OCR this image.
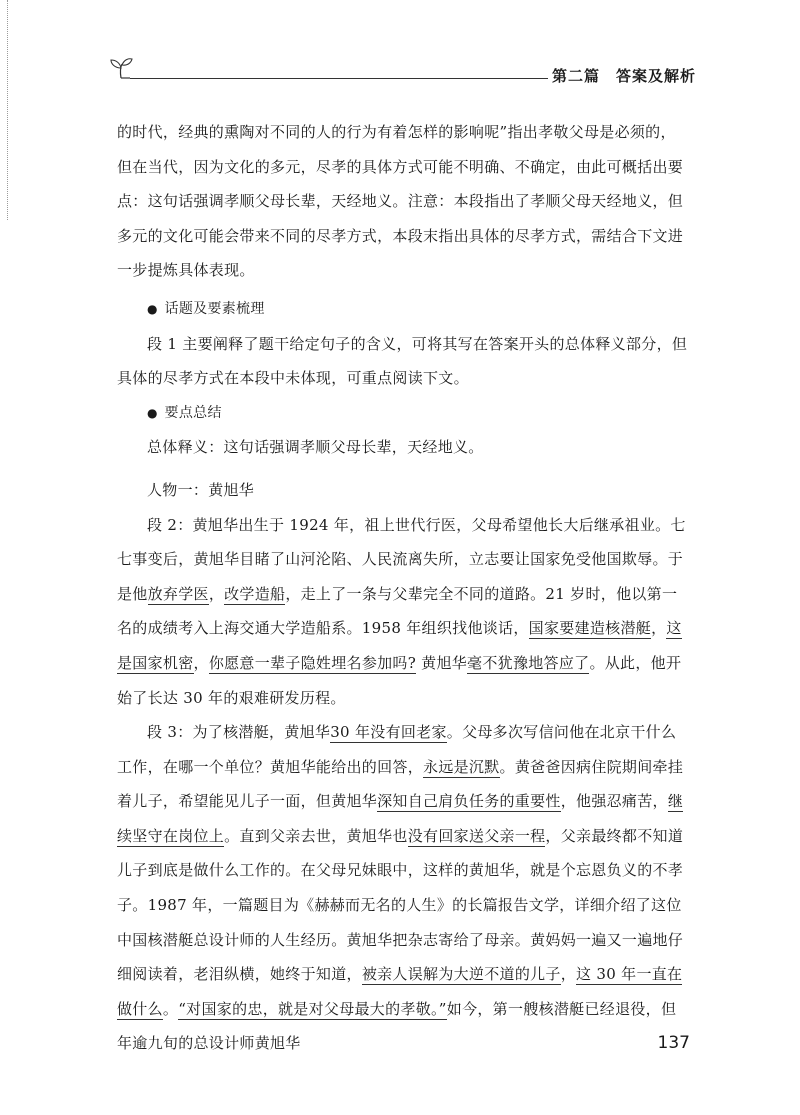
第二篇　答案及解析

的时代，经典的熏陶对不同的人的行为有着怎样的影响呢”指出孝敬父母是必须的，但在当代，因为文化的多元，尽孝的具体方式可能不明确、不确定，由此可概括出要点：这句话强调孝顺父母长辈，天经地义。注意：本段指出了孝顺父母天经地义，但多元的文化可能会带来不同的尽孝方式，本段末指出具体的尽孝方式，需结合下文进一步提炼具体表现。

● 话题及要素梳理

段 1 主要阐释了题干给定句子的含义，可将其写在答案开头的总体释义部分，但具体的尽孝方式在本段中未体现，可重点阅读下文。

● 要点总结

总体释义：这句话强调孝顺父母长辈，天经地义。

人物一：黄旭华

段 2：黄旭华出生于 1924 年，祖上世代行医，父母希望他长大后继承祖业。七七事变后，黄旭华目睹了山河沦陷、人民流离失所，立志要让国家免受他国欺辱。于是他放弃学医，改学造船，走上了一条与父辈完全不同的道路。21 岁时，他以第一名的成绩考入上海交通大学造船系。1958 年组织找他谈话，国家要建造核潜艇，这是国家机密，你愿意一辈子隐姓埋名参加吗? 黄旭华毫不犹豫地答应了。从此，他开始了长达 30 年的艰难研发历程。

段 3：为了核潜艇，黄旭华30 年没有回老家。父母多次写信问他在北京干什么工作，在哪一个单位？黄旭华能给出的回答，永远是沉默。黄爸爸因病住院期间牵挂着儿子，希望能见儿子一面，但黄旭华深知自己肩负任务的重要性，他强忍痛苦，继续坚守在岗位上。直到父亲去世，黄旭华也没有回家送父亲一程，父亲最终都不知道儿子到底是做什么工作的。在父母兄妹眼中，这样的黄旭华，就是个忘恩负义的不孝子。1987 年，一篇题目为《赫赫而无名的人生》的长篇报告文学，详细介绍了这位中国核潜艇总设计师的人生经历。黄旭华把杂志寄给了母亲。黄妈妈一遍又一遍地仔细阅读着，老泪纵横，她终于知道，被亲人误解为大逆不道的儿子，这 30 年一直在做什么。“对国家的忠，就是对父母最大的孝敬。”如今，第一艘核潜艇已经退役，但年逾九旬的总设计师黄旭华	137
